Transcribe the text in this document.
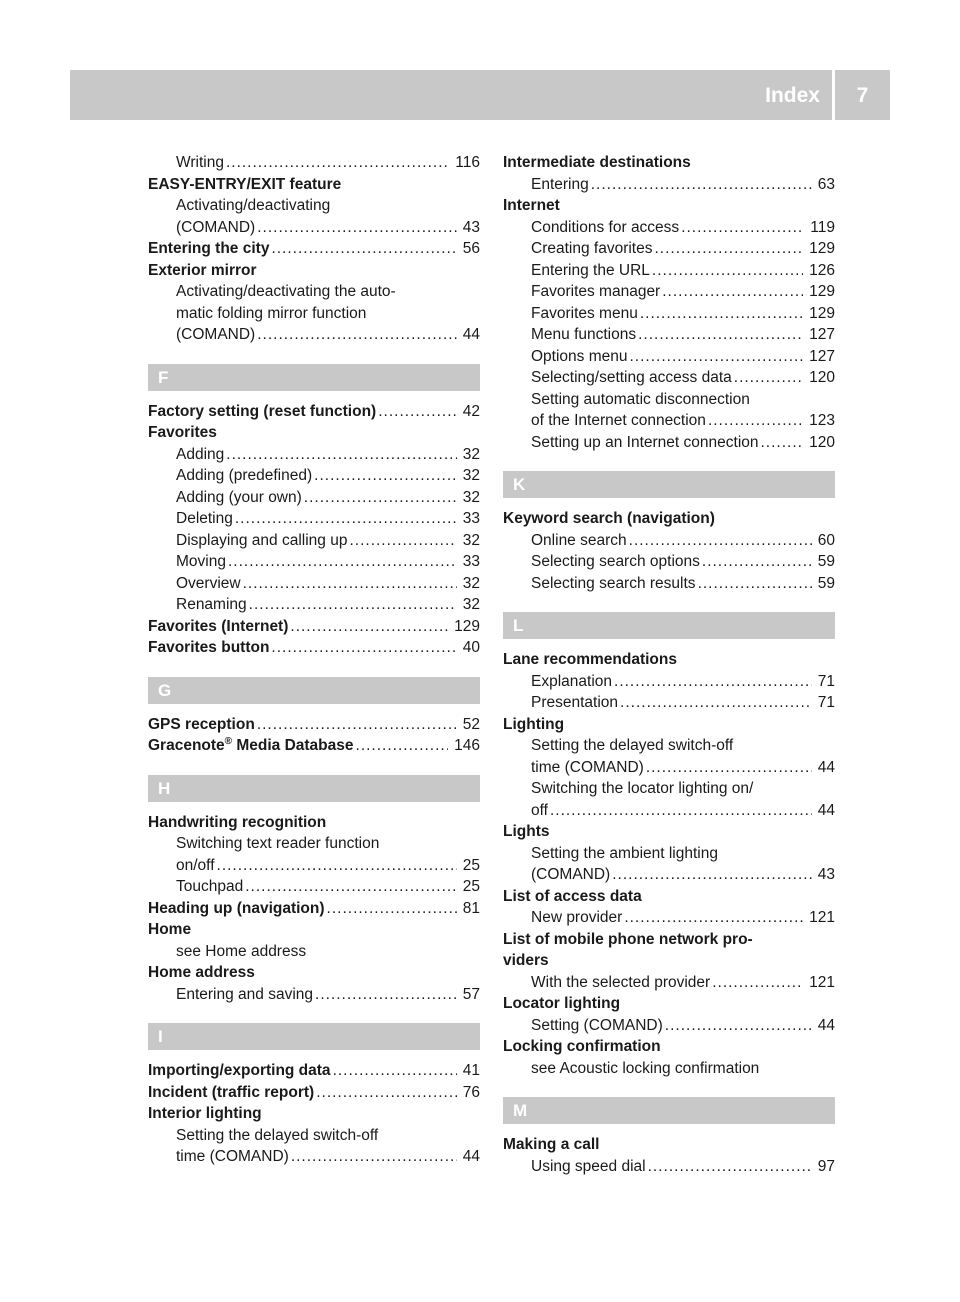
Index	7
Writing .....	116
EASY-ENTRY/EXIT feature
Activating/deactivating
(COMAND) .....	43
Entering the city .....	56
Exterior mirror
Activating/deactivating the auto-
matic folding mirror function
(COMAND) .....	44
F
Factory setting (reset function) .....	42
Favorites
Adding .....	32
Adding (predefined) .....	32
Adding (your own) .....	32
Deleting .....	33
Displaying and calling up .....	32
Moving .....	33
Overview .....	32
Renaming .....	32
Favorites (Internet) .....	129
Favorites button .....	40
G
GPS reception .....	52
Gracenote® Media Database .....	146
H
Handwriting recognition
Switching text reader function
on/off .....	25
Touchpad .....	25
Heading up (navigation) .....	81
Home
see Home address
Home address
Entering and saving .....	57
I
Importing/exporting data .....	41
Incident (traffic report) .....	76
Interior lighting
Setting the delayed switch-off
time (COMAND) .....	44
Intermediate destinations
Entering .....	63
Internet
Conditions for access .....	119
Creating favorites .....	129
Entering the URL .....	126
Favorites manager .....	129
Favorites menu .....	129
Menu functions .....	127
Options menu .....	127
Selecting/setting access data .....	120
Setting automatic disconnection
of the Internet connection .....	123
Setting up an Internet connection .....	120
K
Keyword search (navigation)
Online search .....	60
Selecting search options .....	59
Selecting search results .....	59
L
Lane recommendations
Explanation .....	71
Presentation .....	71
Lighting
Setting the delayed switch-off
time (COMAND) .....	44
Switching the locator lighting on/
off .....	44
Lights
Setting the ambient lighting
(COMAND) .....	43
List of access data
New provider .....	121
List of mobile phone network pro-
viders
With the selected provider .....	121
Locator lighting
Setting (COMAND) .....	44
Locking confirmation
see Acoustic locking confirmation
M
Making a call
Using speed dial .....	97
